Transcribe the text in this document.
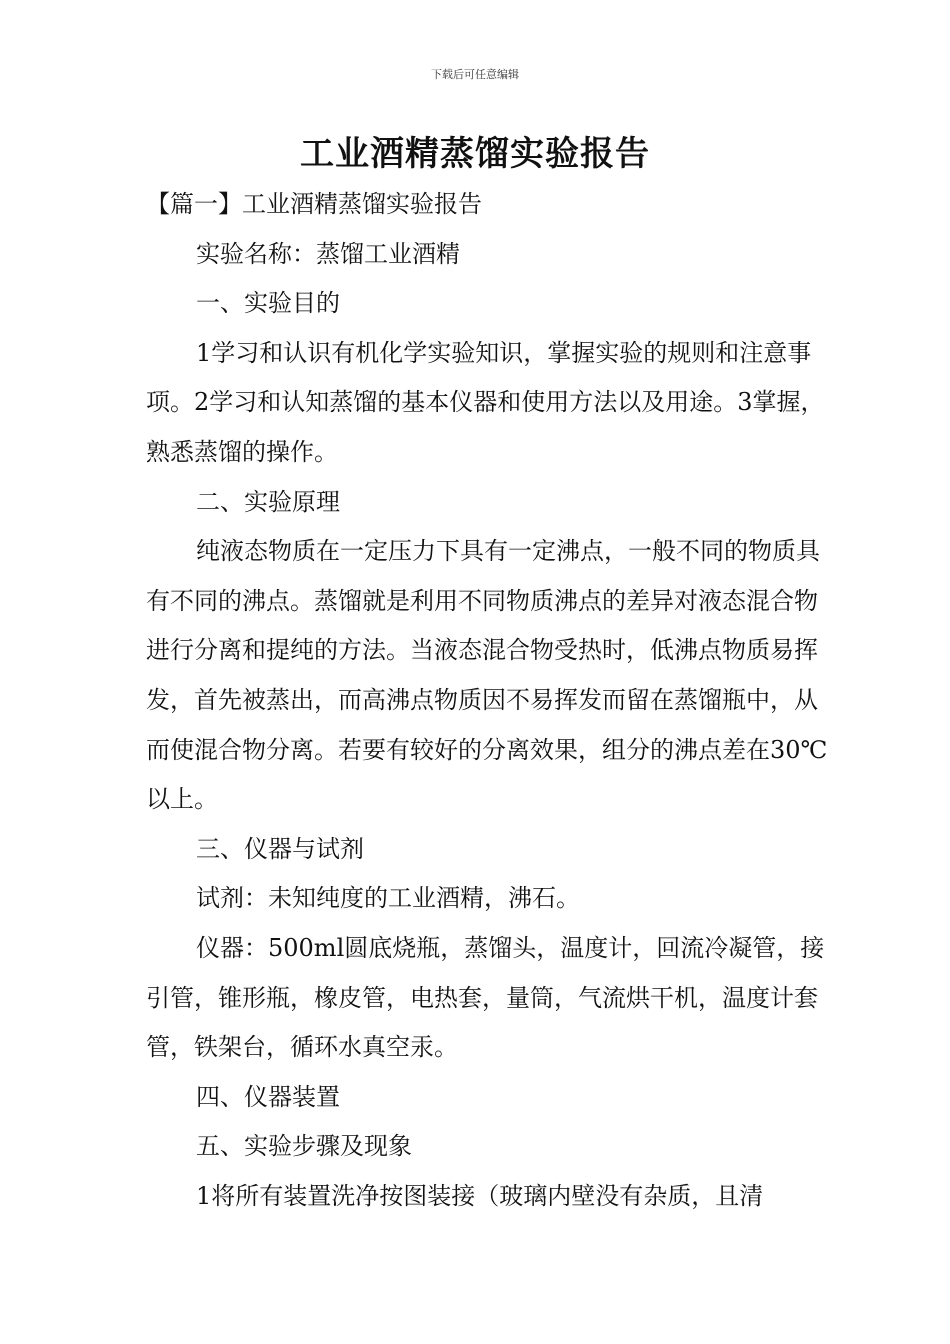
下载后可任意编辑
工业酒精蒸馏实验报告

【篇一】工业酒精蒸馏实验报告

实验名称：蒸馏工业酒精

一、实验目的

1学习和认识有机化学实验知识，掌握实验的规则和注意事项。2学习和认知蒸馏的基本仪器和使用方法以及用途。3掌握，熟悉蒸馏的操作。

二、实验原理

纯液态物质在一定压力下具有一定沸点，一般不同的物质具有不同的沸点。蒸馏就是利用不同物质沸点的差异对液态混合物进行分离和提纯的方法。当液态混合物受热时，低沸点物质易挥发，首先被蒸出，而高沸点物质因不易挥发而留在蒸馏瓶中，从而使混合物分离。若要有较好的分离效果，组分的沸点差在30℃以上。

三、仪器与试剂

试剂：未知纯度的工业酒精，沸石。

仪器：500ml圆底烧瓶，蒸馏头，温度计，回流冷凝管，接引管，锥形瓶，橡皮管，电热套，量筒，气流烘干机，温度计套管，铁架台，循环水真空汞。

四、仪器装置

五、实验步骤及现象

1将所有装置洗净按图装接（玻璃内壁没有杂质，且清
